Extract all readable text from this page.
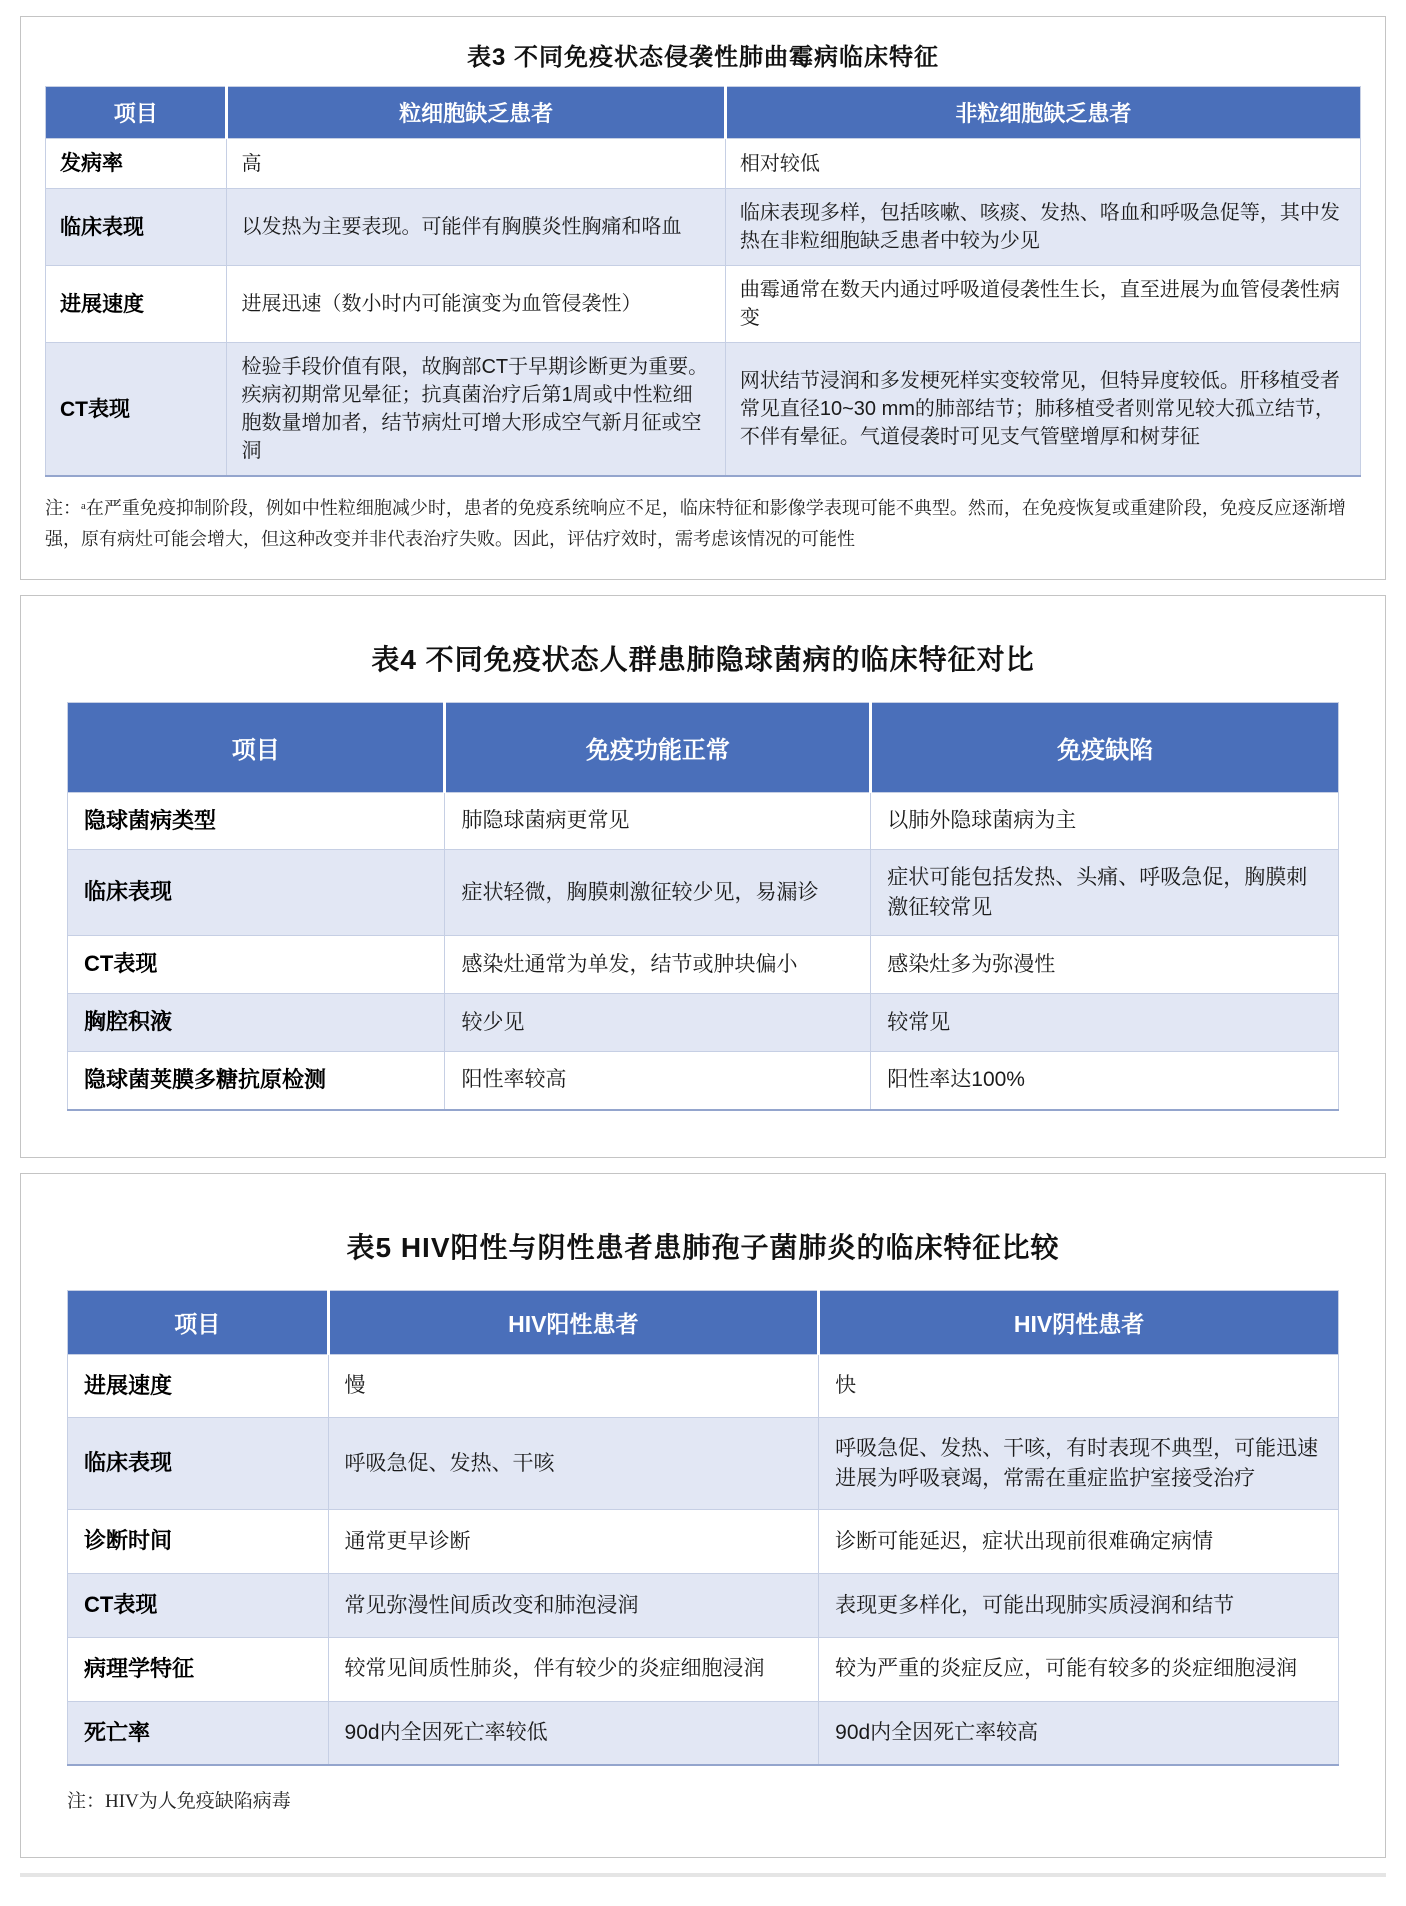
表3 不同免疫状态侵袭性肺曲霉病临床特征
项目	粒细胞缺乏患者	非粒细胞缺乏患者
发病率	高	相对较低
临床表现	以发热为主要表现。可能伴有胸膜炎性胸痛和咯血	临床表现多样，包括咳嗽、咳痰、发热、咯血和呼吸急促等，其中发热在非粒细胞缺乏患者中较为少见
进展速度	进展迅速（数小时内可能演变为血管侵袭性）	曲霉通常在数天内通过呼吸道侵袭性生长，直至进展为血管侵袭性病变
CT表现	检验手段价值有限，故胸部CT于早期诊断更为重要。疾病初期常见晕征；抗真菌治疗后第1周或中性粒细胞数量增加者，结节病灶可增大形成空气新月征或空洞	网状结节浸润和多发梗死样实变较常见，但特异度较低。肝移植受者常见直径10~30 mm的肺部结节；肺移植受者则常见较大孤立结节，不伴有晕征。气道侵袭时可见支气管壁增厚和树芽征

注：ᵃ在严重免疫抑制阶段，例如中性粒细胞减少时，患者的免疫系统响应不足，临床特征和影像学表现可能不典型。然而，在免疫恢复或重建阶段，免疫反应逐渐增强，原有病灶可能会增大，但这种改变并非代表治疗失败。因此，评估疗效时，需考虑该情况的可能性

表4 不同免疫状态人群患肺隐球菌病的临床特征对比
项目	免疫功能正常	免疫缺陷
隐球菌病类型	肺隐球菌病更常见	以肺外隐球菌病为主
临床表现	症状轻微，胸膜刺激征较少见，易漏诊	症状可能包括发热、头痛、呼吸急促，胸膜刺激征较常见
CT表现	感染灶通常为单发，结节或肿块偏小	感染灶多为弥漫性
胸腔积液	较少见	较常见
隐球菌荚膜多糖抗原检测	阳性率较高	阳性率达100%
表5 HIV阳性与阴性患者患肺孢子菌肺炎的临床特征比较
项目	HIV阳性患者	HIV阴性患者
进展速度	慢	快
临床表现	呼吸急促、发热、干咳	呼吸急促、发热、干咳，有时表现不典型，可能迅速进展为呼吸衰竭，常需在重症监护室接受治疗
诊断时间	通常更早诊断	诊断可能延迟，症状出现前很难确定病情
CT表现	常见弥漫性间质改变和肺泡浸润	表现更多样化，可能出现肺实质浸润和结节
病理学特征	较常见间质性肺炎，伴有较少的炎症细胞浸润	较为严重的炎症反应，可能有较多的炎症细胞浸润
死亡率	90d内全因死亡率较低	90d内全因死亡率较高

注：HIV为人免疫缺陷病毒
